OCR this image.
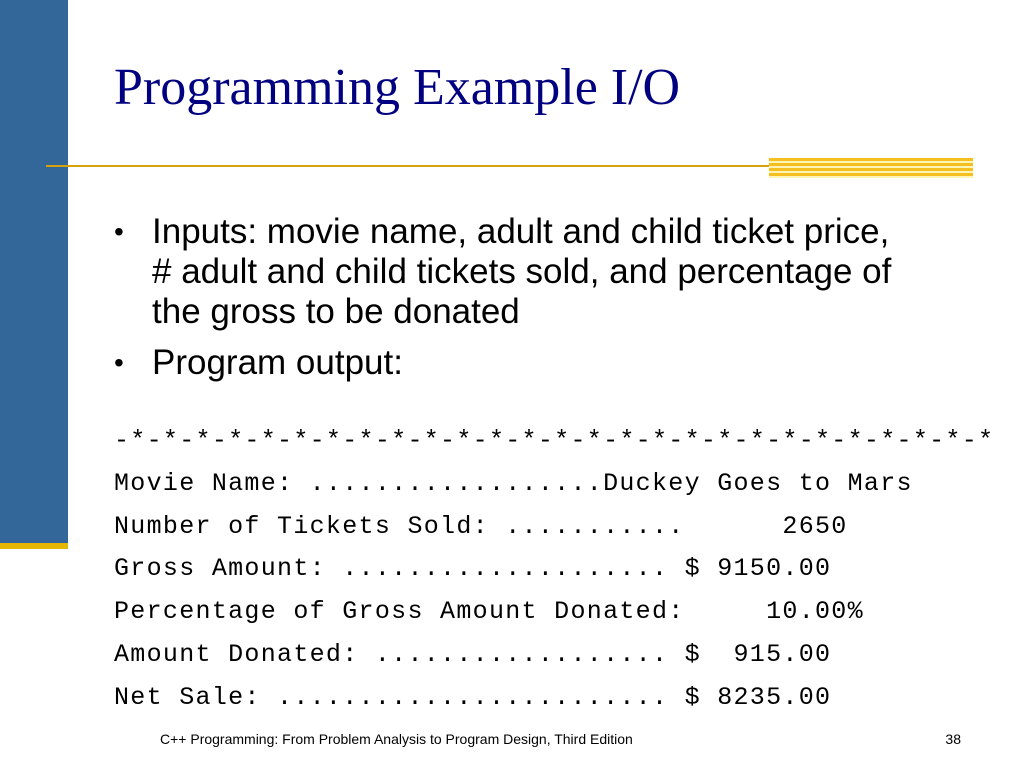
Programming Example I/O
• Inputs: movie name, adult and child ticket price, # adult and child tickets sold, and percentage of the gross to be donated
• Program output:
-*-*-*-*-*-*-*-*-*-*-*-*-*-*-*-*-*-*-*-*-*-*-*-*-*-*-*
Movie Name: ..................Duckey Goes to Mars
Number of Tickets Sold: ...........      2650
Gross Amount: .................... $ 9150.00
Percentage of Gross Amount Donated:     10.00%
Amount Donated: .................. $  915.00
Net Sale: ........................ $ 8235.00
C++ Programming: From Problem Analysis to Program Design, Third Edition	38
